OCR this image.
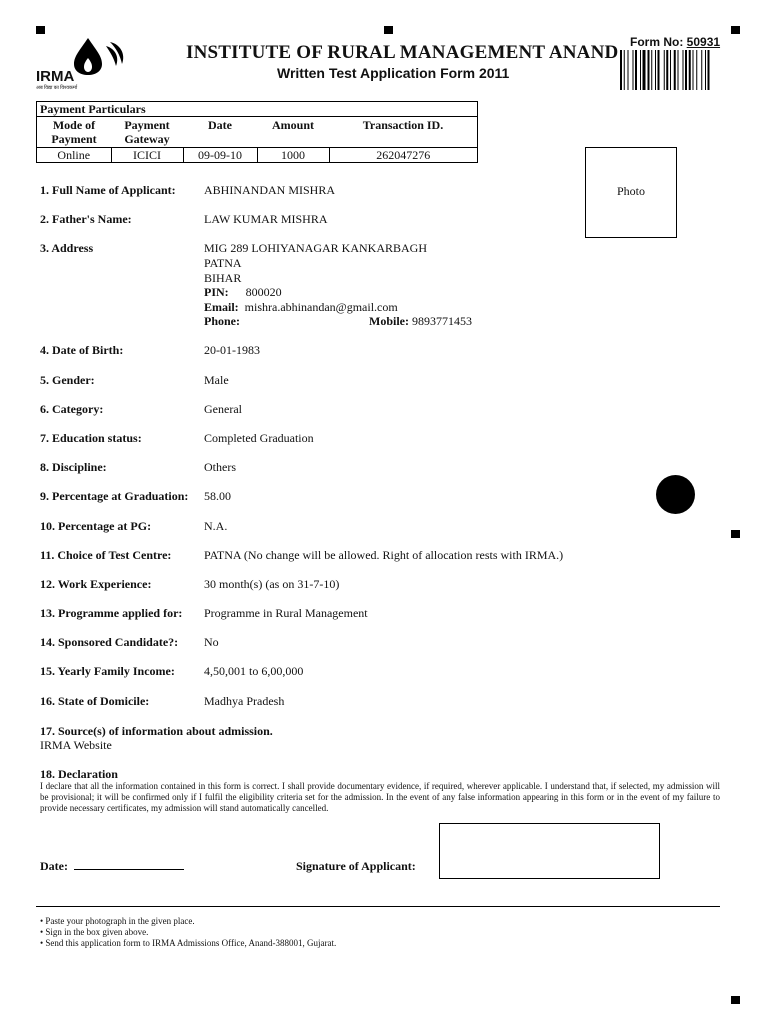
IRMA
अब विद्या का विश्वकर्मा
INSTITUTE OF RURAL MANAGEMENT ANAND
Written Test Application Form 2011
Form No: 50931
Payment Particulars
Mode of Payment	Payment Gateway	Date	Amount	Transaction ID.
Online	ICICI	09-09-10	1000	262047276
Photo
1. Full Name of Applicant:	ABHINANDAN MISHRA
2. Father's Name:	LAW KUMAR MISHRA
3. Address	MIG 289 LOHIYANAGAR KANKARBAGH
PATNA
BIHAR
PIN: 800020
Email: mishra.abhinandan@gmail.com
Phone:	Mobile: 9893771453
4. Date of Birth:	20-01-1983
5. Gender:	Male
6. Category:	General
7. Education status:	Completed Graduation
8. Discipline:	Others
9. Percentage at Graduation:	58.00
10. Percentage at PG:	N.A.
11. Choice of Test Centre:	PATNA (No change will be allowed. Right of allocation rests with IRMA.)
12. Work Experience:	30 month(s) (as on 31-7-10)
13. Programme applied for:	Programme in Rural Management
14. Sponsored Candidate?:	No
15. Yearly Family Income:	4,50,001 to 6,00,000
16. State of Domicile:	Madhya Pradesh
17. Source(s) of information about admission.
IRMA Website
18. Declaration
I declare that all the information contained in this form is correct. I shall provide documentary evidence, if required, wherever applicable. I understand that, if selected, my admission will be provisional; it will be confirmed only if I fulfil the eligibility criteria set for the admission. In the event of any false information appearing in this form or in the event of my failure to provide necessary certificates, my admission will stand automatically cancelled.
Date:	Signature of Applicant:
• Paste your photograph in the given place.
• Sign in the box given above.
• Send this application form to IRMA Admissions Office, Anand-388001, Gujarat.
